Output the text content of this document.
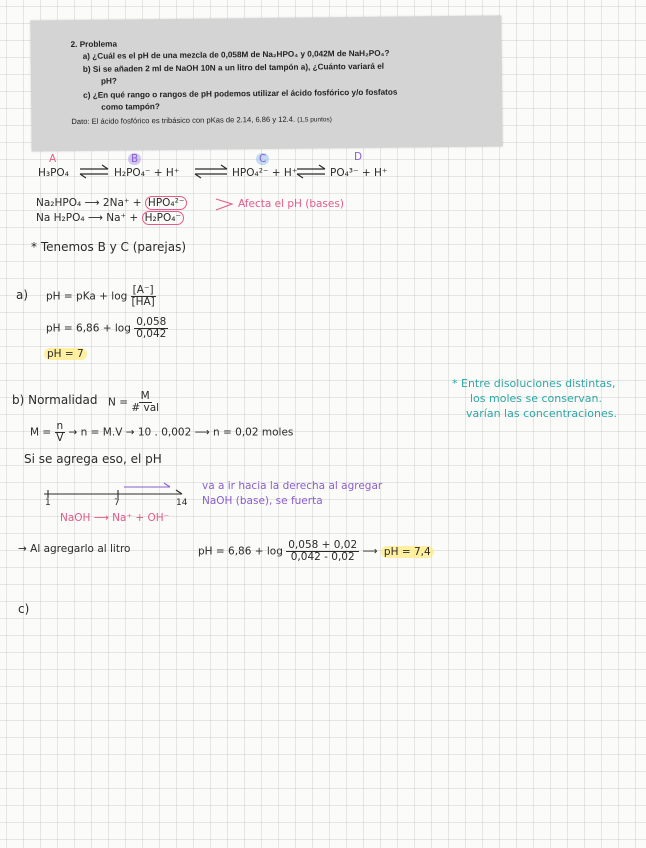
2. Problema
a) ¿Cuál es el pH de una mezcla de 0,058M de Na₂HPO₄ y 0,042M de NaH₂PO₄?
b) Si se añaden 2 ml de NaOH 10N a un litro del tampón a), ¿Cuánto variará el
pH?
c) ¿En qué rango o rangos de pH podemos utilizar el ácido fosfórico y/o fosfatos
como tampón?
Dato: El ácido fosfórico es tribásico con pKas de 2.14, 6.86 y 12.4. (1,5 puntos)
A	B	C	D
H₃PO₄	H₂PO₄⁻ + H⁺	HPO₄²⁻ + H⁺	PO₄³⁻ + H⁺
Na₂HPO₄ ⟶ 2Na⁺ + HPO₄²⁻
Na H₂PO₄ ⟶ Na⁺ + H₂PO₄⁻
Afecta el pH (bases)
* Tenemos B y C (parejas)
a) pH = pKa + $\log \frac{[A^-]}{[HA]}$
pH = $6,86 + \log \frac{0,058}{0,042}$
pH = 7
* Entre disoluciones distintas,
los moles se conservan.
varían las concentraciones.
b) Normalidad $N = \frac{M}{\text{\# val}}$
$M = \frac{n}{V} \to n = M.V \to 10$ . 0,002 ⟶ n = 0,02 moles
Si se agrega eso, el pH
1	7	14
NaOH ⟶ Na⁺ + OH⁻
va a ir hacia la derecha al agregar
NaOH (base), se fuerta
→ Al agregarlo al litro	pH = $6,86 + \log \frac{0,058 + 0,02}{0,042 - 0,02}$ ⟶ pH = 7,4
c)
